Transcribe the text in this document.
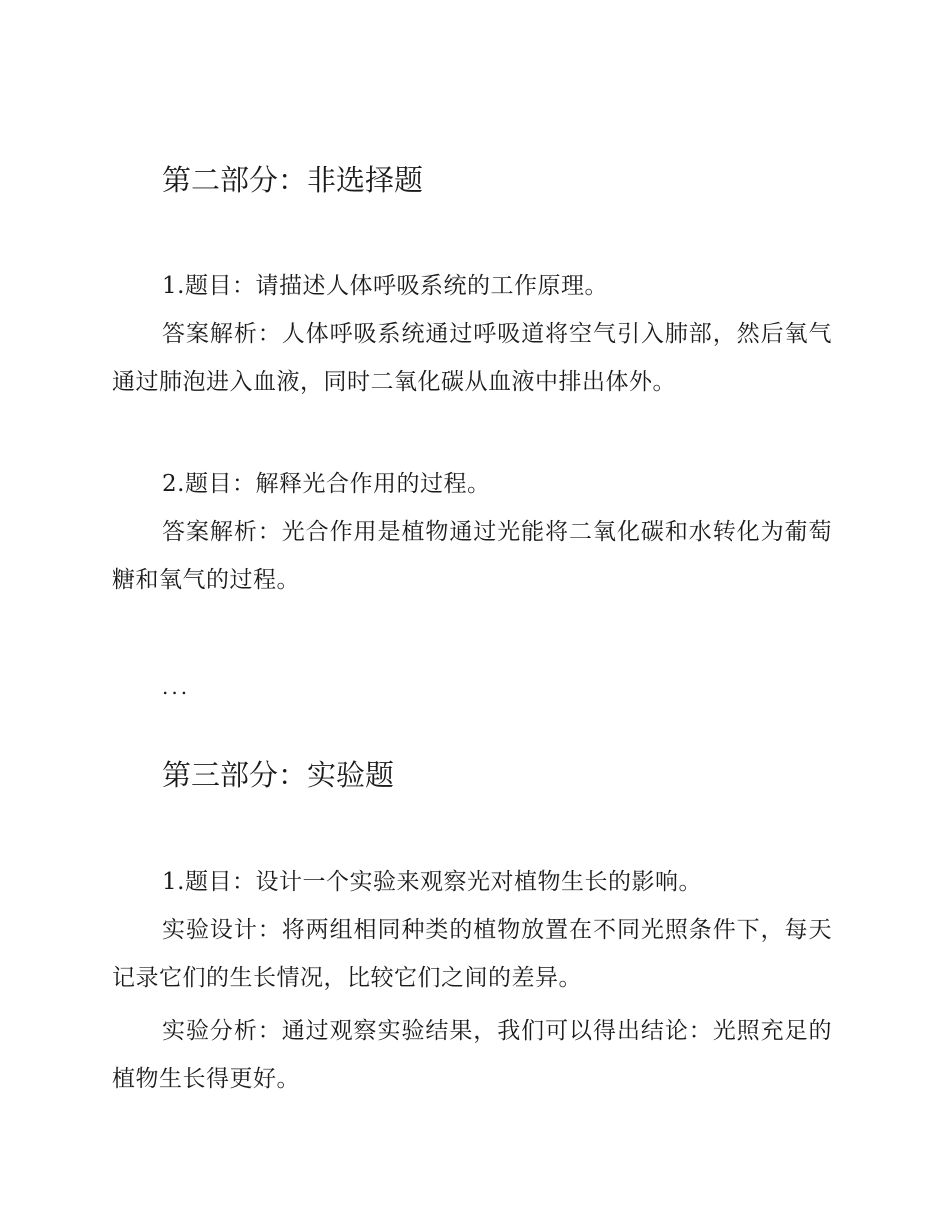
第二部分：非选择题

1.题目：请描述人体呼吸系统的工作原理。

答案解析：人体呼吸系统通过呼吸道将空气引入肺部，然后氧气通过肺泡进入血液，同时二氧化碳从血液中排出体外。

2.题目：解释光合作用的过程。

答案解析：光合作用是植物通过光能将二氧化碳和水转化为葡萄糖和氧气的过程。

...

第三部分：实验题

1.题目：设计一个实验来观察光对植物生长的影响。

实验设计：将两组相同种类的植物放置在不同光照条件下，每天记录它们的生长情况，比较它们之间的差异。

实验分析：通过观察实验结果，我们可以得出结论：光照充足的植物生长得更好。
